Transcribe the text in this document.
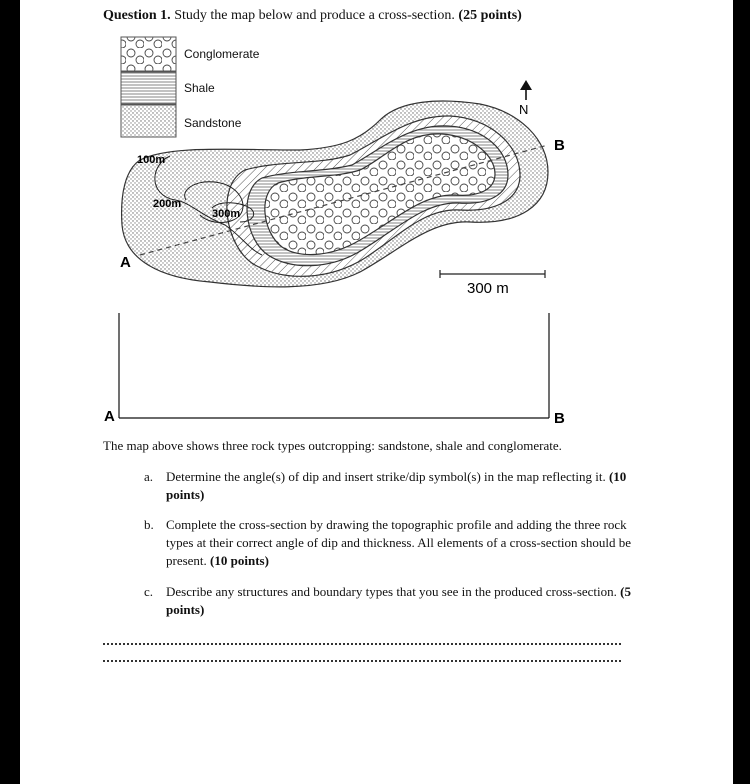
Question 1. Study the map below and produce a cross-section. (25 points)
100m
200m
300m
A
B
N
300 m
A	B
Conglomerate
Shale
Sandstone
The map above shows three rock types outcropping: sandstone, shale and conglomerate.
a. Determine the angle(s) of dip and insert strike/dip symbol(s) in the map reflecting it. (10 points)
b. Complete the cross-section by drawing the topographic profile and adding the three rock types at their correct angle of dip and thickness. All elements of a cross-section should be present. (10 points)
c. Describe any structures and boundary types that you see in the produced cross-section. (5 points)
